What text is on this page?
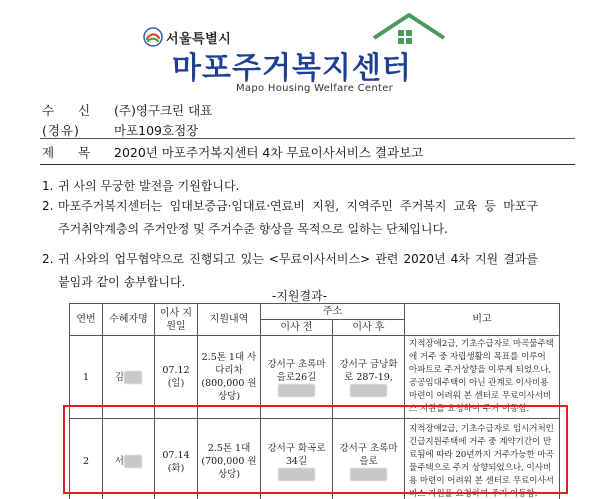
서울특별시
마포주거복지센터
Mapo Housing Welfare Center
수 신 (주)영구크린 대표
(경유)	마포109호점장
제 목 2020년 마포주거복지센터 4차 무료이사서비스 결과보고
1. 귀 사의 무궁한 발전을 기원합니다.
2. 마포주거복지센터는 임대보증금·임대료·연료비 지원, 지역주민 주거복지 교육 등 마포구 주거취약계층의 주거안정 및 주거수준 향상을 목적으로 일하는 단체입니다.
2. 귀 사와의 업무협약으로 진행되고 있는 <무료이사서비스> 관련 2020년 4차 지원 결과를 붙임과 같이 송부합니다.
-지원결과-
연번	수혜자명	이사 지원일	지원내역	주소		비고
				이사 전	이사 후	
1	김	07.12 (일)	2.5톤 1대 사다리차 (800,000 원 상당)	강서구 초록마을로26길	강서구 금낭화로 287-19,	지적장애2급, 기초수급자로 마곡물주택에 거주 중 자립생활의 목표를 이루어 아파트로 주거상향을 이루게 되었으나, 공공임대주택이 아닌 관계로 이사비용 마련이 어려워 본 센터로 무료이사서비스 지원을 요청하여 주거 이동함.
2	서	07.14 (화)	2.5톤 1대 (700,000 원 상당)	강서구 화곡로34길	강서구 초록마을로	지적장애2급, 기초수급자로 임시거처인 긴급지원주택에 거주 중 계약기간이 만료됨에 따라 20년까지 거주가능한 마곡물주택으로 주거 상향되었으나, 이사비용 마련이 어려워 본 센터로 무료이사서비스 지원을 요청하여 주거 이동함.
